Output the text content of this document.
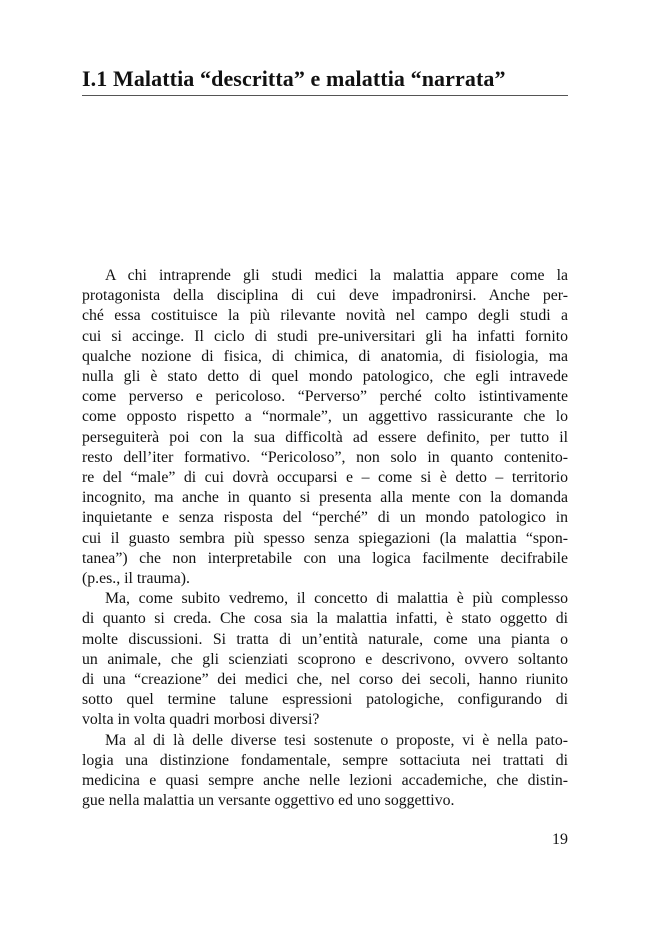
I.1 Malattia “descritta” e malattia “narrata”

A chi intraprende gli studi medici la malattia appare come la
protagonista della disciplina di cui deve impadronirsi. Anche per-
ché essa costituisce la più rilevante novità nel campo degli studi a
cui si accinge. Il ciclo di studi pre-universitari gli ha infatti fornito
qualche nozione di fisica, di chimica, di anatomia, di fisiologia, ma
nulla gli è stato detto di quel mondo patologico, che egli intravede
come perverso e pericoloso. “Perverso” perché colto istintivamente
come opposto rispetto a “normale”, un aggettivo rassicurante che lo
perseguiterà poi con la sua difficoltà ad essere definito, per tutto il
resto dell’iter formativo. “Pericoloso”, non solo in quanto contenito-
re del “male” di cui dovrà occuparsi e – come si è detto – territorio
incognito, ma anche in quanto si presenta alla mente con la domanda
inquietante e senza risposta del “perché” di un mondo patologico in
cui il guasto sembra più spesso senza spiegazioni (la malattia “spon-
tanea”) che non interpretabile con una logica facilmente decifrabile
(p.es., il trauma).

Ma, come subito vedremo, il concetto di malattia è più complesso
di quanto si creda. Che cosa sia la malattia infatti, è stato oggetto di
molte discussioni. Si tratta di un’entità naturale, come una pianta o
un animale, che gli scienziati scoprono e descrivono, ovvero soltanto
di una “creazione” dei medici che, nel corso dei secoli, hanno riunito
sotto quel termine talune espressioni patologiche, configurando di
volta in volta quadri morbosi diversi?

Ma al di là delle diverse tesi sostenute o proposte, vi è nella pato-
logia una distinzione fondamentale, sempre sottaciuta nei trattati di
medicina e quasi sempre anche nelle lezioni accademiche, che distin-
gue nella malattia un versante oggettivo ed uno soggettivo.

19
